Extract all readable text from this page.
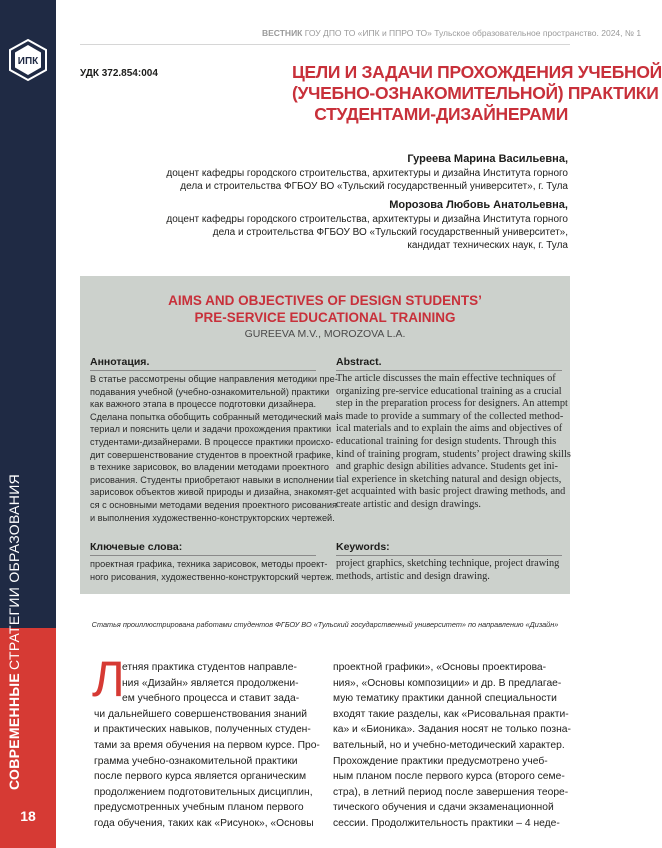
ИПК
СОВРЕМЕННЫЕСТРАТЕГИИ ОБРАЗОВАНИЯ
18
ВЕСТНИК ГОУ ДПО ТО «ИПК и ППРО ТО» Тульское образовательное пространство. 2024, № 1
УДК 372.854:004	ЦЕЛИ И ЗАДАЧИ ПРОХОЖДЕНИЯ УЧЕБНОЙ
(УЧЕБНО-ОЗНАКОМИТЕЛЬНОЙ) ПРАКТИКИ
СТУДЕНТАМИ-ДИЗАЙНЕРАМИ
Гуреева Марина Васильевна,
доцент кафедры городского строительства, архитектуры и дизайна Института горного
дела и строительства ФГБОУ ВО «Тульский государственный университет», г. Тула
Морозова Любовь Анатольевна,
доцент кафедры городского строительства, архитектуры и дизайна Института горного
дела и строительства ФГБОУ ВО «Тульский государственный университет»,
кандидат технических наук, г. Тула
AIMS AND OBJECTIVES OF DESIGN STUDENTS’
PRE-SERVICE EDUCATIONAL TRAINING
GUREEVA M.V., MOROZOVA L.A.
Аннотация.
В статье рассмотрены общие направления методики пре-
подавания учебной (учебно-ознакомительной) практики
как важного этапа в процессе подготовки дизайнера.
Сделана попытка обобщить собранный методический ма-
териал и пояснить цели и задачи прохождения практики
студентами-дизайнерами. В процессе практики происхо-
дит совершенствование студентов в проектной графике,
в технике зарисовок, во владении методами проектного
рисования. Студенты приобретают навыки в исполнении
зарисовок объектов живой природы и дизайна, знакомят-
ся с основными методами ведения проектного рисования
и выполнения художественно-конструкторских чертежей.
Abstract.
The article discusses the main effective techniques of
organizing pre-service educational training as a crucial
step in the preparation process for designers. An attempt
is made to provide a summary of the collected method-
ical materials and to explain the aims and objectives of
educational training for design students. Through this
kind of training program, students’ project drawing skills
and graphic design abilities advance. Students get ini-
tial experience in sketching natural and design objects,
get acquainted with basic project drawing methods, and
create artistic and design drawings.
Ключевые слова:
проектная графика, техника зарисовок, методы проект-
ного рисования, художественно-конструкторский чертеж.
Keywords:
project graphics, sketching technique, project drawing
methods, artistic and design drawing.
Статья проиллюстрирована работами студентов ФГБОУ ВО «Тульский государственный университет» по направлению «Дизайн»
Л
етняя практика студентов направле-
ния «Дизайн» является продолжени-
ем учебного процесса и ставит зада-
чи дальнейшего совершенствования знаний
и практических навыков, полученных студен-
тами за время обучения на первом курсе. Про-
грамма учебно-ознакомительной практики
после первого курса является органическим
продолжением подготовительных дисциплин,
предусмотренных учебным планом первого
года обучения, таких как «Рисунок», «Основы
проектной графики», «Основы проектирова-
ния», «Основы композиции» и др. В предлагае-
мую тематику практики данной специальности
входят такие разделы, как «Рисовальная практи-
ка» и «Бионика». Задания носят не только познa-
вательный, но и учебно-методический характер.
Прохождение практики предусмотрено учеб-
ным планом после первого курса (второго семе-
стра), в летний период после завершения теоре-
тического обучения и сдачи экзаменационной
сессии. Продолжительность практики – 4 неде-
